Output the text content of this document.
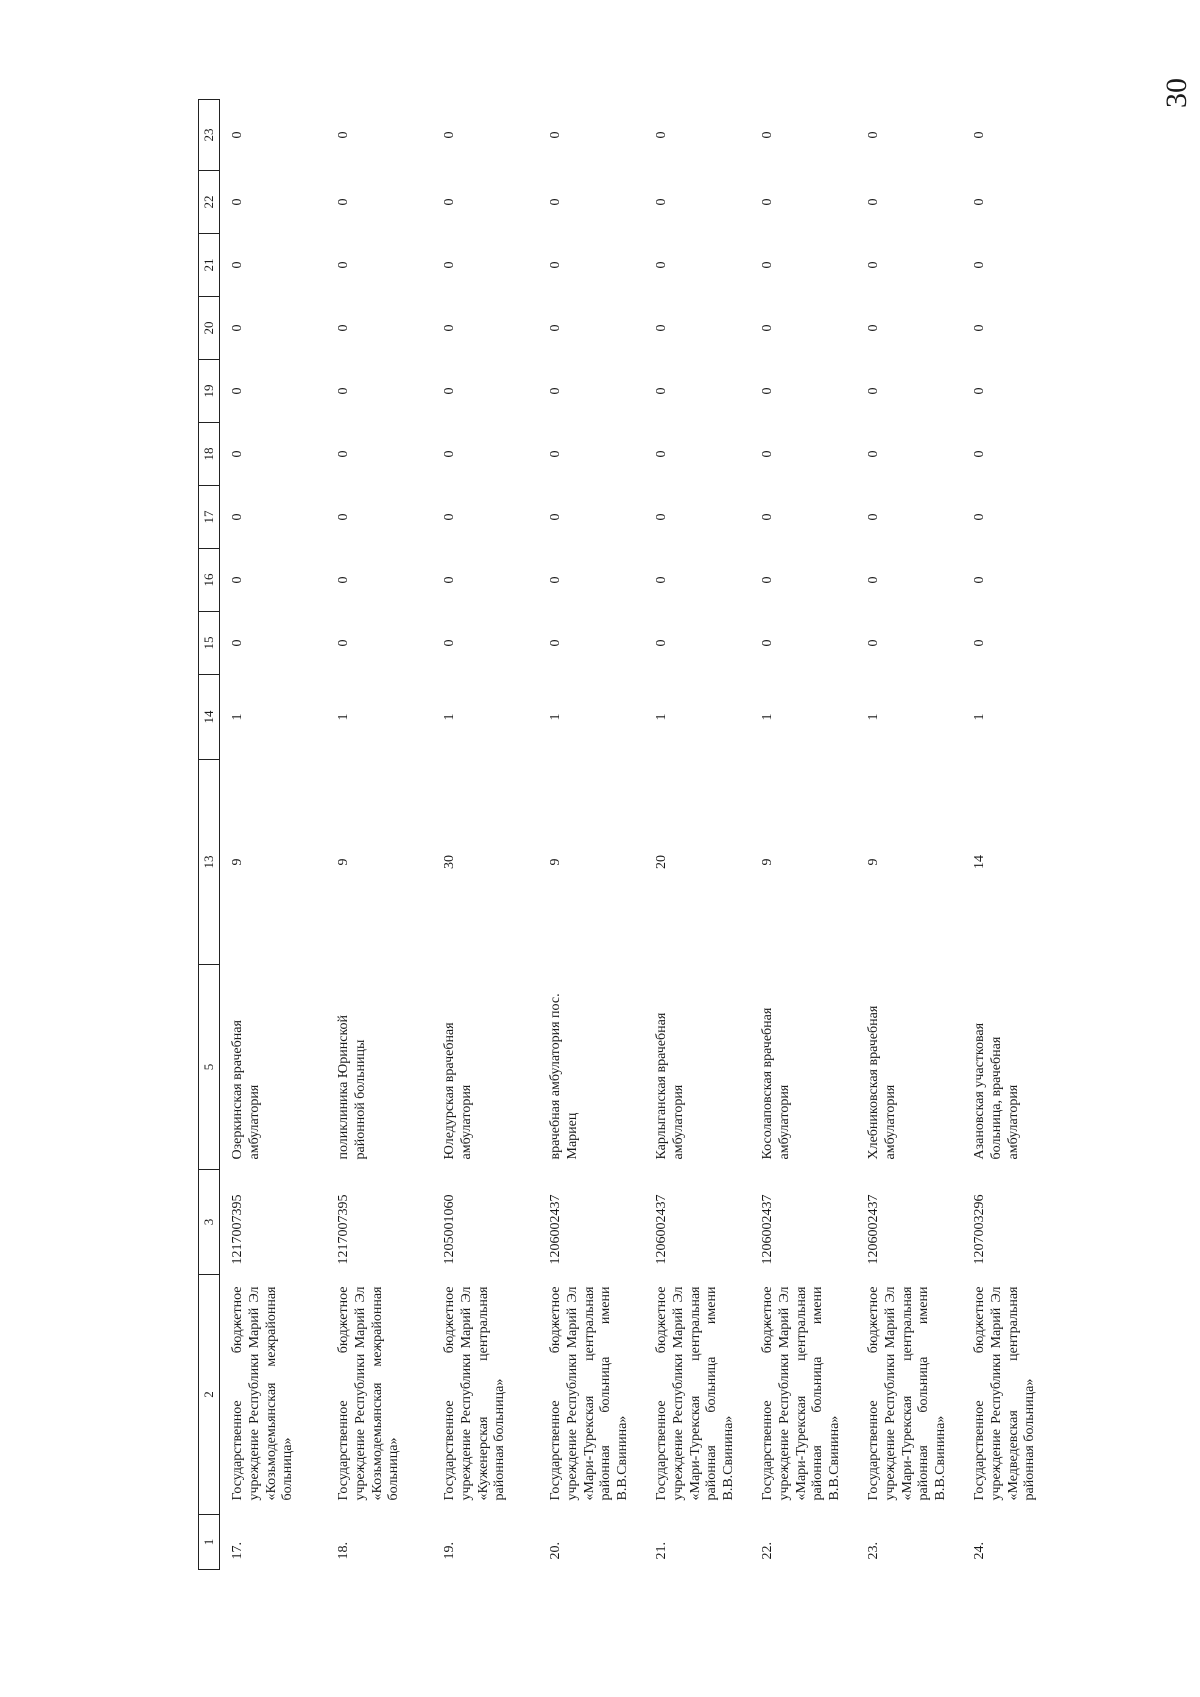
30
1	2	3	5	13	14	15	16	17	18	19	20	21	22	23
17.	Государственное бюджетное учреждение Республики Марий Эл «Козьмодемьянская межрайонная больница»	1217007395	Озеркинская врачебная амбулатория	9	1	0	0	0	0	0	0	0	0	0
18.	Государственное бюджетное учреждение Республики Марий Эл «Козьмодемьянская межрайонная больница»	1217007395	поликлиника Юринской районной больницы	9	1	0	0	0	0	0	0	0	0	0
19.	Государственное бюджетное учреждение Республики Марий Эл «Куженерская центральная районная больница»	1205001060	Юледурская врачебная амбулатория	30	1	0	0	0	0	0	0	0	0	0
20.	Государственное бюджетное учреждение Республики Марий Эл «Мари-Турекская центральная районная больница имени В.В.Свинина»	1206002437	врачебная амбулатория пос. Мариец	9	1	0	0	0	0	0	0	0	0	0
21.	Государственное бюджетное учреждение Республики Марий Эл «Мари-Турекская центральная районная больница имени В.В.Свинина»	1206002437	Карлыганская врачебная амбулатория	20	1	0	0	0	0	0	0	0	0	0
22.	Государственное бюджетное учреждение Республики Марий Эл «Мари-Турекская центральная районная больница имени В.В.Свинина»	1206002437	Косолаповская врачебная амбулатория	9	1	0	0	0	0	0	0	0	0	0
23.	Государственное бюджетное учреждение Республики Марий Эл «Мари-Турекская центральная районная больница имени В.В.Свинина»	1206002437	Хлебниковская врачебная амбулатория	9	1	0	0	0	0	0	0	0	0	0
24.	Государственное бюджетное учреждение Республики Марий Эл «Медведевская центральная районная больница»	1207003296	Азановская участковая больница, врачебная амбулатория	14	1	0	0	0	0	0	0	0	0	0
